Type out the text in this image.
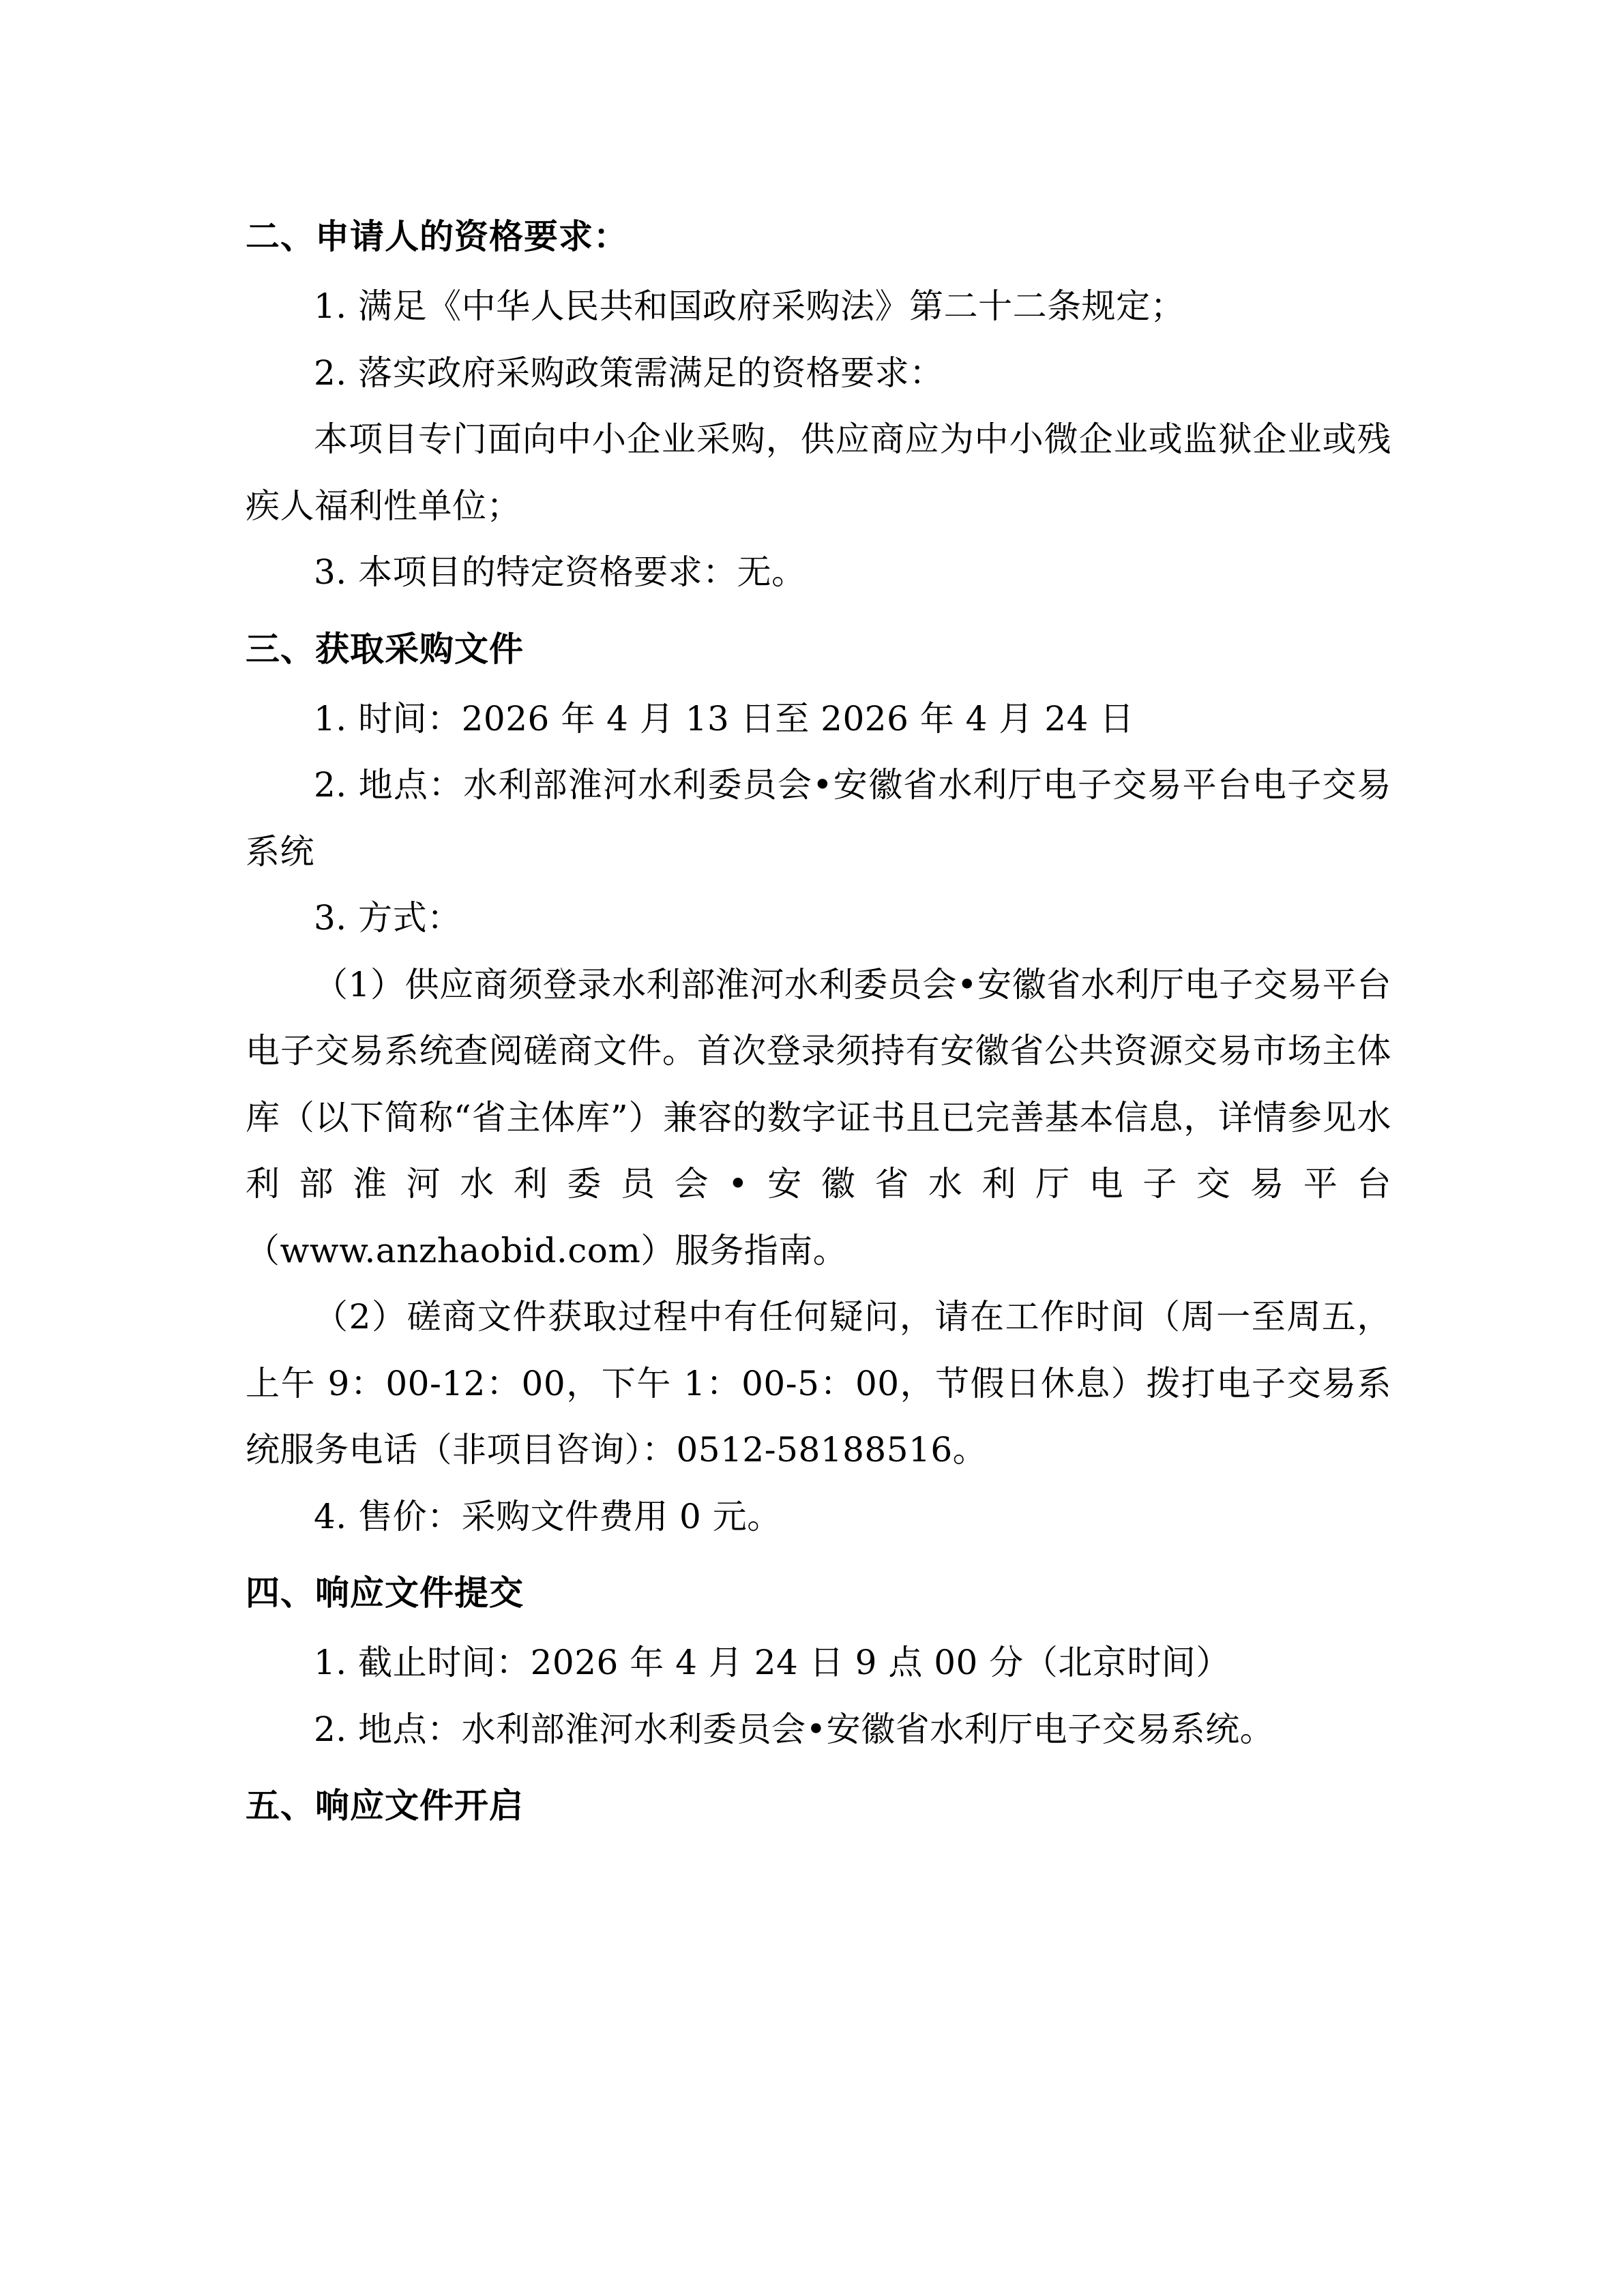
二、申请人的资格要求：

1. 满足《中华人民共和国政府采购法》第二十二条规定；

2. 落实政府采购政策需满足的资格要求：

本项目专门面向中小企业采购，供应商应为中小微企业或监狱企业或残疾人福利性单位；

3. 本项目的特定资格要求：无。

三、获取采购文件

1. 时间：2026 年 4 月 13 日至 2026 年 4 月 24 日

2. 地点：水利部淮河水利委员会•安徽省水利厅电子交易平台电子交易系统

3. 方式：

（1）供应商须登录水利部淮河水利委员会•安徽省水利厅电子交易平台电子交易系统查阅磋商文件。首次登录须持有安徽省公共资源交易市场主体库（以下简称“省主体库”）兼容的数字证书且已完善基本信息，详情参见水利部淮河水利委员会•安徽省水利厅电子交易平台（www.anzhaobid.com）服务指南。

（2）磋商文件获取过程中有任何疑问，请在工作时间（周一至周五，上午 9：00-12：00，下午 1：00-5：00，节假日休息）拨打电子交易系统服务电话（非项目咨询）：0512-58188516。

4. 售价：采购文件费用 0 元。

四、响应文件提交

1. 截止时间：2026 年 4 月 24 日 9 点 00 分（北京时间）

2. 地点：水利部淮河水利委员会•安徽省水利厅电子交易系统。

五、响应文件开启
